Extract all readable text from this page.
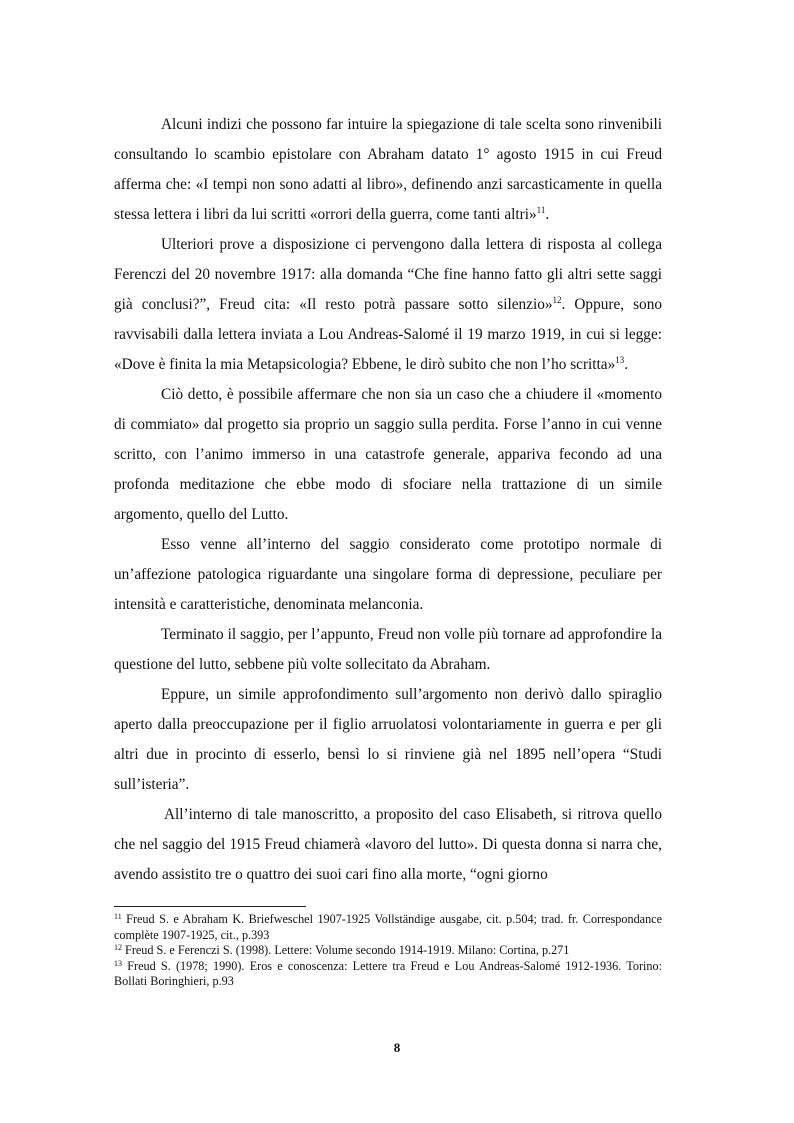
Alcuni indizi che possono far intuire la spiegazione di tale scelta sono rinvenibili consultando lo scambio epistolare con Abraham datato 1° agosto 1915 in cui Freud afferma che: «I tempi non sono adatti al libro», definendo anzi sarcasticamente in quella stessa lettera i libri da lui scritti «orrori della guerra, come tanti altri»$^{11}$.

Ulteriori prove a disposizione ci pervengono dalla lettera di risposta al collega Ferenczi del 20 novembre 1917: alla domanda “Che fine hanno fatto gli altri sette saggi già conclusi?”, Freud cita: «Il resto potrà passare sotto silenzio»$^{12}$. Oppure, sono ravvisabili dalla lettera inviata a Lou Andreas-Salomé il 19 marzo 1919, in cui si legge: «Dove è finita la mia Metapsicologia? Ebbene, le dirò subito che non l’ho scritta»$^{13}$.

Ciò detto, è possibile affermare che non sia un caso che a chiudere il «momento di commiato» dal progetto sia proprio un saggio sulla perdita. Forse l’anno in cui venne scritto, con l’animo immerso in una catastrofe generale, appariva fecondo ad una profonda meditazione che ebbe modo di sfociare nella trattazione di un simile argomento, quello del Lutto.

Esso venne all’interno del saggio considerato come prototipo normale di un’affezione patologica riguardante una singolare forma di depressione, peculiare per intensità e caratteristiche, denominata melanconia.

Terminato il saggio, per l’appunto, Freud non volle più tornare ad approfondire la questione del lutto, sebbene più volte sollecitato da Abraham.

Eppure, un simile approfondimento sull’argomento non derivò dallo spiraglio aperto dalla preoccupazione per il figlio arruolatosi volontariamente in guerra e per gli altri due in procinto di esserlo, bensì lo si rinviene già nel 1895 nell’opera “Studi sull’isteria”.

All’interno di tale manoscritto, a proposito del caso Elisabeth, si ritrova quello che nel saggio del 1915 Freud chiamerà «lavoro del lutto». Di questa donna si narra che, avendo assistito tre o quattro dei suoi cari fino alla morte, “ogni giorno

$^{11}$ Freud S. e Abraham K. Briefweschel 1907-1925 Vollständige ausgabe, cit. p.504; trad. fr. Correspondance complète 1907-1925, cit., p.393

$^{12}$ Freud S. e Ferenczi S. (1998). Lettere: Volume secondo 1914-1919. Milano: Cortina, p.271

$^{13}$ Freud S. (1978; 1990). Eros e conoscenza: Lettere tra Freud e Lou Andreas-Salomé 1912-1936. Torino: Bollati Boringhieri, p.93

8
